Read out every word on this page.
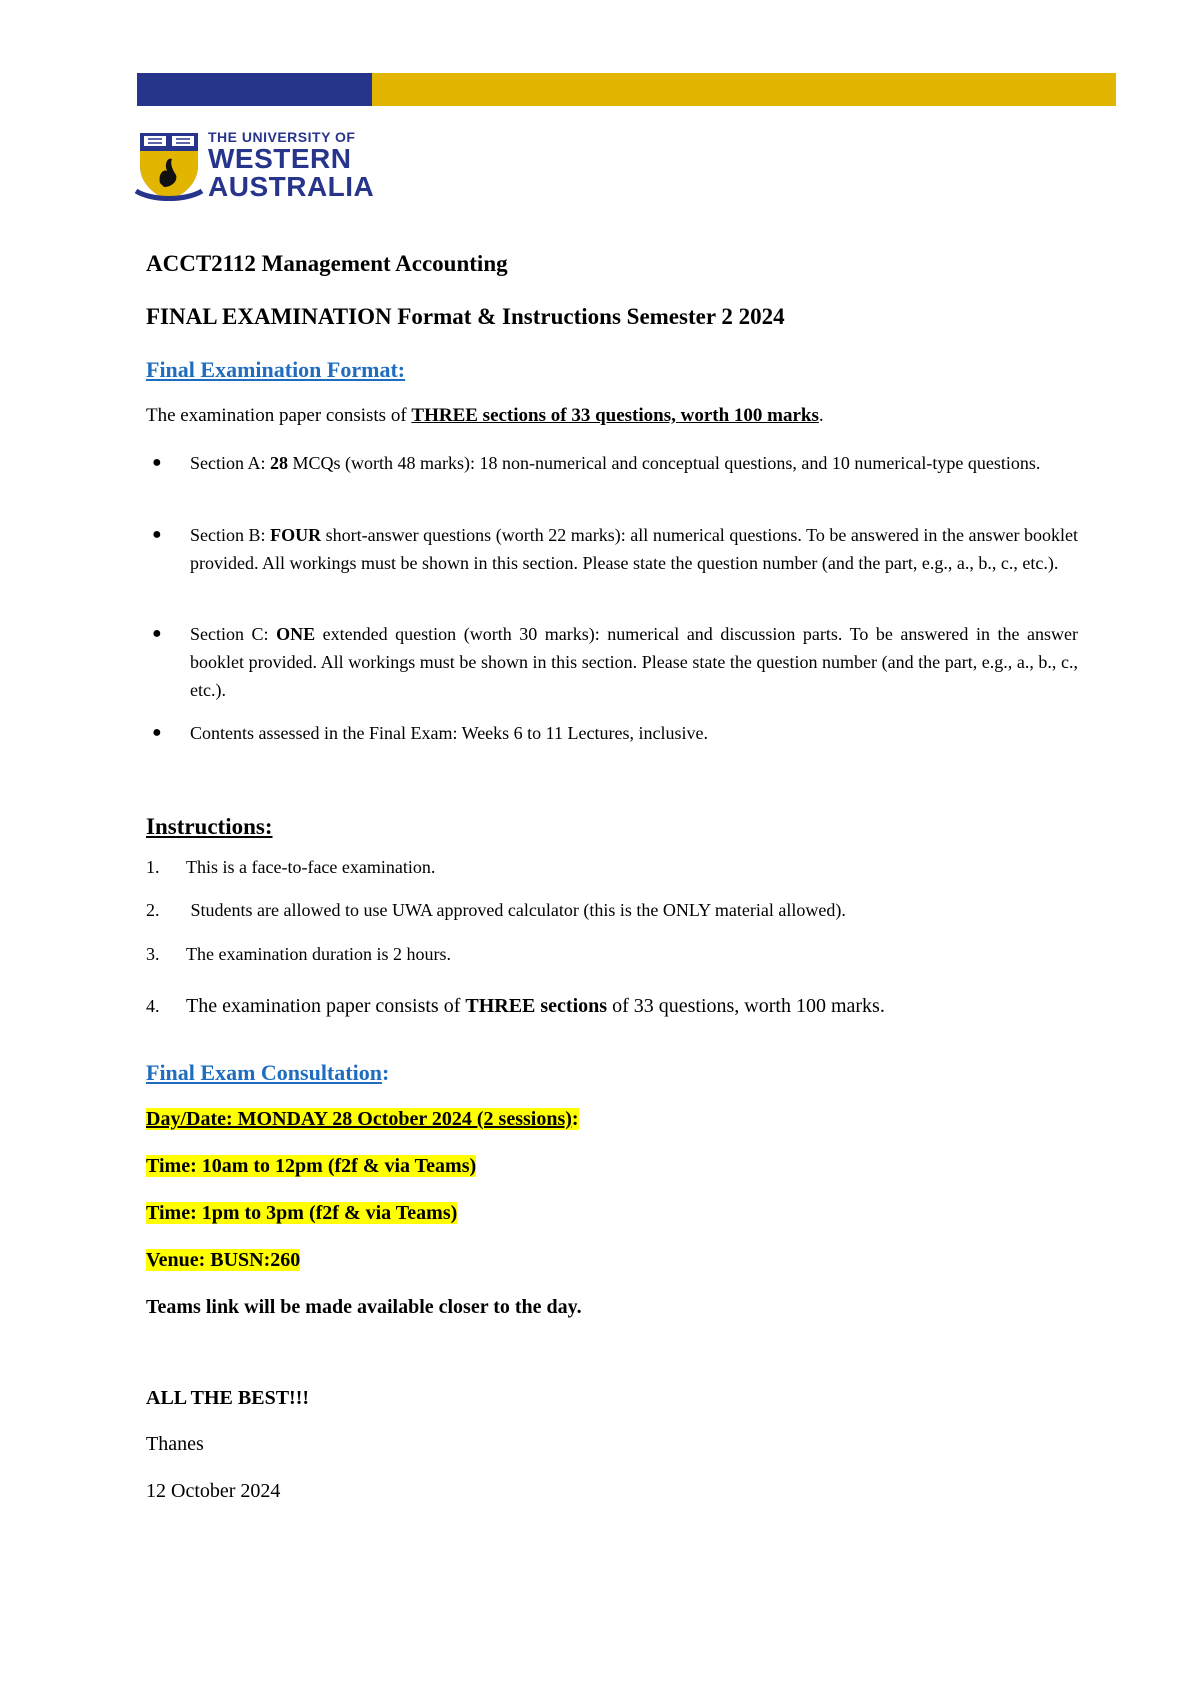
THE UNIVERSITY OF
WESTERN
AUSTRALIA
ACCT2112 Management Accounting
FINAL EXAMINATION Format & Instructions Semester 2 2024
Final Examination Format:
The examination paper consists of THREE sections of 33 questions, worth 100 marks.
● Section A: 28 MCQs (worth 48 marks): 18 non-numerical and conceptual questions, and 10 numerical-type questions.
● Section B: FOUR short-answer questions (worth 22 marks): all numerical questions. To be answered in the answer booklet provided. All workings must be shown in this section. Please state the question number (and the part, e.g., a., b., c., etc.).
● Section C: ONE extended question (worth 30 marks): numerical and discussion parts. To be answered in the answer booklet provided. All workings must be shown in this section. Please state the question number (and the part, e.g., a., b., c., etc.).
● Contents assessed in the Final Exam: Weeks 6 to 11 Lectures, inclusive.
Instructions:
1. This is a face-to-face examination.
2. Students are allowed to use UWA approved calculator (this is the ONLY material allowed).
3. The examination duration is 2 hours.
4. The examination paper consists of THREE sections of 33 questions, worth 100 marks.
Final Exam Consultation:
Day/Date: MONDAY 28 October 2024 (2 sessions):
Time: 10am to 12pm (f2f & via Teams)
Time: 1pm to 3pm (f2f & via Teams)
Venue: BUSN:260
Teams link will be made available closer to the day.
ALL THE BEST!!!
Thanes
12 October 2024
